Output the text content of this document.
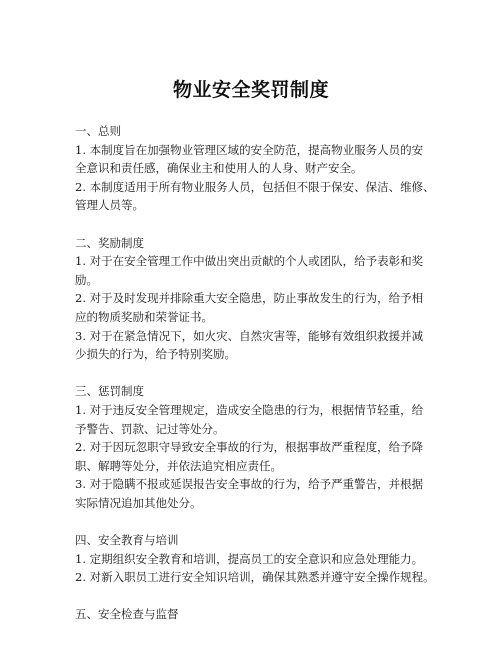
物业安全奖罚制度
一、总则
1. 本制度旨在加强物业管理区域的安全防范，提高物业服务人员的安
全意识和责任感，确保业主和使用人的人身、财产安全。
2. 本制度适用于所有物业服务人员，包括但不限于保安、保洁、维修、
管理人员等。
二、奖励制度
1. 对于在安全管理工作中做出突出贡献的个人或团队，给予表彰和奖
励。
2. 对于及时发现并排除重大安全隐患，防止事故发生的行为，给予相
应的物质奖励和荣誉证书。
3. 对于在紧急情况下，如火灾、自然灾害等，能够有效组织救援并减
少损失的行为，给予特别奖励。
三、惩罚制度
1. 对于违反安全管理规定，造成安全隐患的行为，根据情节轻重，给
予警告、罚款、记过等处分。
2. 对于因玩忽职守导致安全事故的行为，根据事故严重程度，给予降
职、解聘等处分，并依法追究相应责任。
3. 对于隐瞒不报或延误报告安全事故的行为，给予严重警告，并根据
实际情况追加其他处分。
四、安全教育与培训
1. 定期组织安全教育和培训，提高员工的安全意识和应急处理能力。
2. 对新入职员工进行安全知识培训，确保其熟悉并遵守安全操作规程。
五、安全检查与监督
